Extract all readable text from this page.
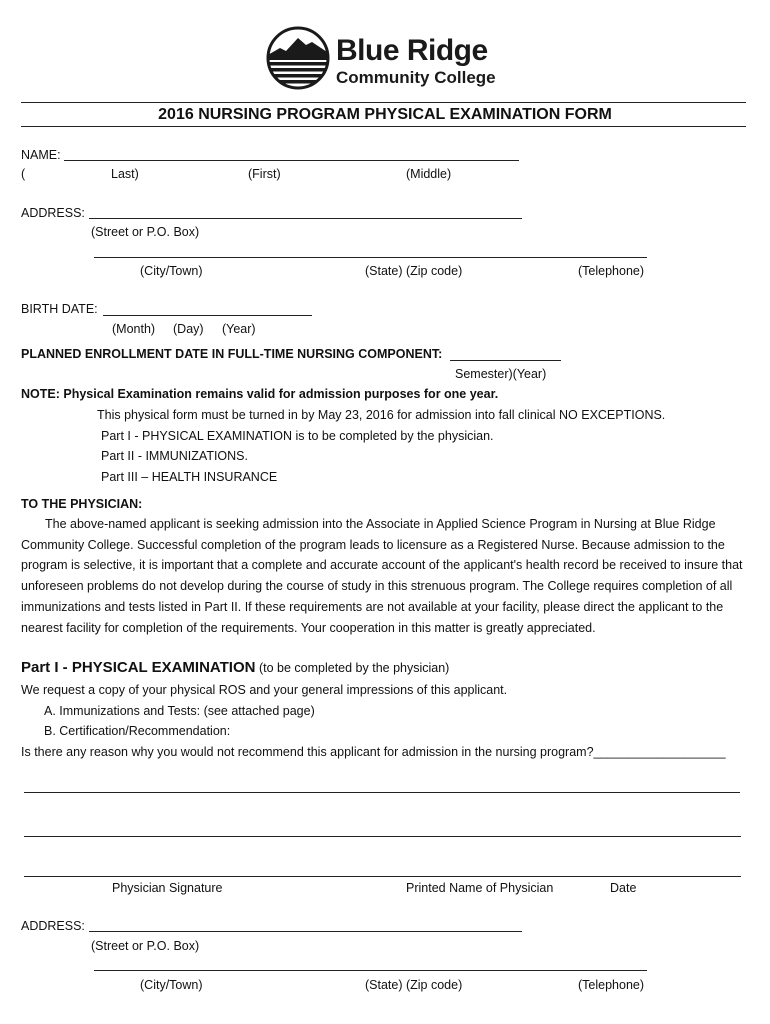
Blue Ridge
Community College
2016 NURSING PROGRAM PHYSICAL EXAMINATION FORM
NAME:
(	Last)	(First)	(Middle)
ADDRESS:
(Street or P.O. Box)
(City/Town)	(State) (Zip code)	(Telephone)
BIRTH DATE:
(Month) (Day) (Year)
PLANNED ENROLLMENT DATE IN FULL-TIME NURSING COMPONENT:
Semester)(Year)
NOTE: Physical Examination remains valid for admission purposes for one year.
This physical form must be turned in by May 23, 2016 for admission into fall clinical NO EXCEPTIONS.
Part I - PHYSICAL EXAMINATION is to be completed by the physician.
Part II - IMMUNIZATIONS.
Part III – HEALTH INSURANCE
TO THE PHYSICIAN:
The above-named applicant is seeking admission into the Associate in Applied Science Program in Nursing at Blue Ridge Community College. Successful completion of the program leads to licensure as a Registered Nurse. Because admission to the program is selective, it is important that a complete and accurate account of the applicant's health record be received to insure that unforeseen problems do not develop during the course of study in this strenuous program. The College requires completion of all immunizations and tests listed in Part II. If these requirements are not available at your facility, please direct the applicant to the nearest facility for completion of the requirements. Your cooperation in this matter is greatly appreciated.
Part I - PHYSICAL EXAMINATION (to be completed by the physician)
We request a copy of your physical ROS and your general impressions of this applicant.
A. Immunizations and Tests: (see attached page)
B. Certification/Recommendation:
Is there any reason why you would not recommend this applicant for admission in the nursing program?___________________
Physician Signature	Printed Name of Physician	Date
ADDRESS:
(Street or P.O. Box)
(City/Town)	(State) (Zip code)	(Telephone)
